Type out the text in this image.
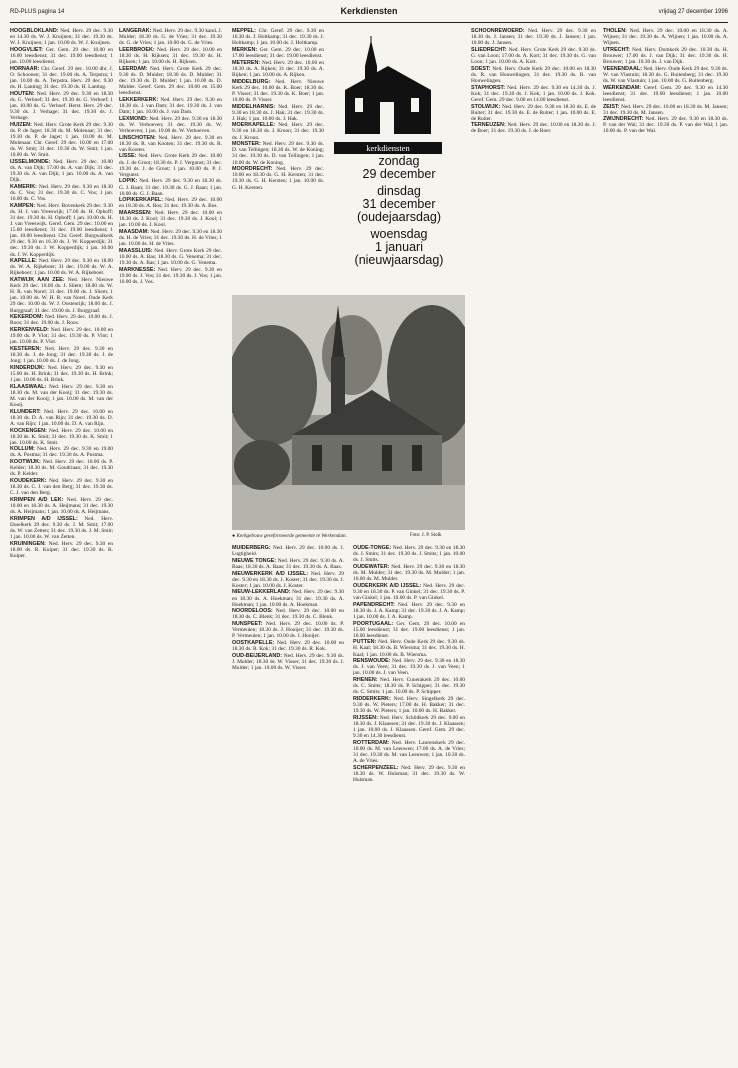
RD-PLUS pagina 14	Kerkdiensten	vrijdag 27 december 1996

HOOGBLOKLAND: Ned. Herv. 29 dec. 9.30 en 14.30 ds. W. J. Kruijnen; 31 dec. 19.30 ds. W. J. Kruijnen; 1 jan. 10.00 ds. W. J. Kruijnen.

HOOGVLIET: Ger. Gem. 29 dec. 10.00 en 16.00 leesdienst; 31 dec. 19.00 leesdienst; 1 jan. 10.00 leesdienst.

HORNAAR: Chr. Geref. 29 dec. 10.00 dhr. J. O. Schoonen; 31 dec. 19.00 ds. A. Terpstra; 1 jan. 10.00 ds. A. Terpstra. Herv. 29 dec. 9.30 ds. H. Lanting; 31 dec. 19.30 ds. H. Lanting.

HOUTEN: Ned. Herv. 29 dec. 9.30 en 18.30 ds. G. Verhoef; 31 dec. 19.30 ds. G. Verhoef; 1 jan. 10.00 ds. G. Verhoef. Herst. Herv. 29 dec. 9.30 ds. J. Verhage; 31 dec. 19.30 ds. J. Verhage.

HUIZEN: Ned. Herv. Grote Kerk 29 dec. 9.30 ds. P. de Jager; 18.30 ds. M. Molenaar; 31 dec. 19.30 ds. P. de Jager; 1 jan. 10.00 ds. M. Molenaar. Chr. Geref. 29 dec. 10.00 en 17.00 ds. W. Smit; 31 dec. 19.30 ds. W. Smit; 1 jan. 10.00 ds. W. Smit.

IJSSELMONDE: Ned. Herv. 29 dec. 10.00 ds. A. van Dijk; 17.00 ds. A. van Dijk; 31 dec. 19.30 ds. A. van Dijk; 1 jan. 10.00 ds. A. van Dijk.

KAMERIK: Ned. Herv. 29 dec. 9.30 en 18.30 ds. C. Vos; 31 dec. 19.30 ds. C. Vos; 1 jan. 10.00 ds. C. Vos.

KAMPEN: Ned. Herv. Bovenkerk 29 dec. 9.30 ds. H. J. van Vreeswijk; 17.00 ds. H. Ophoff; 31 dec. 19.30 ds. H. Ophoff; 1 jan. 10.00 ds. H. J. van Vreeswijk. Geref. Gem. 29 dec. 10.00 en 15.00 leesdienst; 31 dec. 19.00 leesdienst; 1 jan. 10.00 leesdienst. Chr. Geref. Burgwalkerk 29 dec. 9.30 en 16.30 ds. J. W. Kopperdijk; 31 dec. 19.30 ds. J. W. Kopperdijk; 1 jan. 10.00 ds. J. W. Kopperdijk.

KAPELLE: Ned. Herv. 29 dec. 9.30 en 18.00 ds. W. A. Rijkeboer; 31 dec. 19.00 ds. W. A. Rijkeboer; 1 jan. 10.00 ds. W. A. Rijkeboer.

KATWIJK AAN ZEE: Ned. Herv. Nieuwe Kerk 29 dec. 10.00 ds. J. Sliem; 18.00 ds. W. H. R. van Norel; 31 dec. 19.00 ds. J. Sliem; 1 jan. 10.00 ds. W. H. R. van Norel. Oude Kerk 29 dec. 10.00 ds. W. J. Oostenrijk; 18.00 ds. J. Burggraaf; 31 dec. 19.00 ds. J. Burggraaf.

KEKERDOM: Ned. Herv. 29 dec. 10.00 ds. J. Roos; 31 dec. 19.00 ds. J. Roos.

KERKENVELD: Ned. Herv. 29 dec. 10.00 en 19.00 ds. P. Vlot; 31 dec. 19.30 ds. P. Vlot; 1 jan. 10.00 ds. P. Vlot.

KESTEREN: Ned. Herv. 29 dec. 9.30 en 18.30 ds. J. de Jong; 31 dec. 19.30 ds. J. de Jong; 1 jan. 10.00 ds. J. de Jong.

KINDERDIJK: Ned. Herv. 29 dec. 9.30 en 15.00 ds. H. Brink; 31 dec. 19.30 ds. H. Brink; 1 jan. 10.00 ds. H. Brink.

KLAASWAAL: Ned. Herv. 29 dec. 9.30 en 18.30 ds. M. van der Kooij; 31 dec. 19.30 ds. M. van der Kooij; 1 jan. 10.00 ds. M. van der Kooij.

KLUNDERT: Ned. Herv. 29 dec. 10.00 en 18.30 ds. D. A. van Rijn; 31 dec. 19.30 ds. D. A. van Rijn; 1 jan. 10.00 ds. D. A. van Rijn.

KOCKENGEN: Ned. Herv. 29 dec. 10.00 en 18.30 ds. K. Smit; 31 dec. 19.30 ds. K. Smit; 1 jan. 10.00 ds. K. Smit.

KOLLUM: Ned. Herv. 29 dec. 9.30 en 19.00 ds. A. Postma; 31 dec. 19.30 ds. A. Postma.

KOOTWIJK: Ned. Herv. 29 dec. 10.00 ds. P. Kelder; 18.30 ds. M. Goudriaan; 31 dec. 19.30 ds. P. Kelder.

KOUDEKERK: Ned. Herv. 29 dec. 9.30 en 18.30 ds. C. J. van den Berg; 31 dec. 19.30 ds. C. J. van den Berg.

KRIMPEN A/D LEK: Ned. Herv. 29 dec. 10.00 en 18.30 ds. A. Heijmans; 31 dec. 19.30 ds. A. Heijmans; 1 jan. 10.00 ds. A. Heijmans.

KRIMPEN A/D IJSSEL: Ned. Herv. IJsselkerk 29 dec. 9.30 ds. J. M. Smit; 17.00 ds. W. van Zetten; 31 dec. 19.30 ds. J. M. Smit; 1 jan. 10.00 ds. W. van Zetten.

KRUININGEN: Ned. Herv. 29 dec. 9.30 en 18.00 ds. R. Kuiper; 31 dec. 19.30 ds. R. Kuiper.

LANGERAK: Ned. Herv. 29 dec. 9.30 kand. J. Mulder; 18.30 ds. G. de Vries; 31 dec. 19.30 ds. G. de Vries; 1 jan. 10.00 ds. G. de Vries.

LEERBROEK: Ned. Herv. 29 dec. 10.00 en 18.30 ds. H. Rijksen; 31 dec. 19.30 ds. H. Rijksen; 1 jan. 10.00 ds. H. Rijksen.

LEERDAM: Ned. Herv. Grote Kerk 29 dec. 9.30 ds. D. Mulder; 18.30 ds. D. Mulder; 31 dec. 19.30 ds. D. Mulder; 1 jan. 10.00 ds. D. Mulder. Geref. Gem. 29 dec. 10.00 en 15.00 leesdienst.

LEKKERKERK: Ned. Herv. 29 dec. 9.30 en 18.30 ds. J. van Dam; 31 dec. 19.30 ds. J. van Dam; 1 jan. 10.00 ds. J. van Dam.

LEXMOND: Ned. Herv. 29 dec. 9.30 en 18.30 ds. W. Verhoeven; 31 dec. 19.30 ds. W. Verhoeven; 1 jan. 10.00 ds. W. Verhoeven.

LINSCHOTEN: Ned. Herv. 29 dec. 9.30 en 18.30 ds. R. van Kooten; 31 dec. 19.30 ds. R. van Kooten.

LISSE: Ned. Herv. Grote Kerk 29 dec. 10.00 ds. J. de Groot; 18.30 ds. P. J. Vergunst; 31 dec. 19.30 ds. J. de Groot; 1 jan. 10.00 ds. P. J. Vergunst.

LOPIK: Ned. Herv. 29 dec. 9.30 en 18.30 ds. G. J. Baan; 31 dec. 19.30 ds. G. J. Baan; 1 jan. 10.00 ds. G. J. Baan.

LOPIKERKAPEL: Ned. Herv. 29 dec. 10.00 en 18.30 ds. A. Bos; 31 dec. 19.30 ds. A. Bos.

MAARSSEN: Ned. Herv. 29 dec. 10.00 en 18.30 ds. J. Kool; 31 dec. 19.30 ds. J. Kool; 1 jan. 10.00 ds. J. Kool.

MAASDAM: Ned. Herv. 29 dec. 9.30 en 18.30 ds. H. de Vries; 31 dec. 19.30 ds. H. de Vries; 1 jan. 10.00 ds. H. de Vries.

MAASSLUIS: Ned. Herv. Grote Kerk 29 dec. 10.00 ds. A. Bas; 18.30 ds. G. Venema; 31 dec. 19.30 ds. A. Bas; 1 jan. 10.00 ds. G. Venema.

MARKNESSE: Ned. Herv. 29 dec. 9.30 en 19.00 ds. J. Vos; 31 dec. 19.30 ds. J. Vos; 1 jan. 10.00 ds. J. Vos.

MEPPEL: Chr. Geref. 29 dec. 9.30 en 16.30 ds. J. Holtkamp; 31 dec. 19.30 ds. J. Holtkamp; 1 jan. 10.00 ds. J. Holtkamp.

MERKEN: Ger. Gem. 29 dec. 10.00 en 17.00 leesdienst; 31 dec. 19.00 leesdienst.

METEREN: Ned. Herv. 29 dec. 10.00 en 18.30 ds. A. Rijken; 31 dec. 19.30 ds. A. Rijken; 1 jan. 10.00 ds. A. Rijken.

MIDDELBURG: Ned. Herv. Nieuwe Kerk 29 dec. 10.00 ds. K. Boer; 18.30 ds. P. Visser; 31 dec. 19.30 ds. K. Boer; 1 jan. 10.00 ds. P. Visser.

MIDDELHARNIS: Ned. Herv. 29 dec. 9.30 en 18.30 ds. J. Hak; 31 dec. 19.30 ds. J. Hak; 1 jan. 10.00 ds. J. Hak.

MOERKAPELLE: Ned. Herv. 29 dec. 9.30 en 18.30 ds. J. Kroon; 31 dec. 19.30 ds. J. Kroon.

MONSTER: Ned. Herv. 29 dec. 9.30 ds. D. van Tellingen; 18.30 ds. W. de Koning; 31 dec. 19.30 ds. D. van Tellingen; 1 jan. 10.00 ds. W. de Koning.

MOORDRECHT: Ned. Herv. 29 dec. 10.00 en 18.30 ds. G. H. Kersten; 31 dec. 19.30 ds. G. H. Kersten; 1 jan. 10.00 ds. G. H. Kersten.

MUIDERBERG: Ned. Herv. 29 dec. 10.00 ds. J. Lugtigheid.

NIEUWE TONGE: Ned. Herv. 29 dec. 9.30 ds. A. Baas; 18.30 ds. A. Baas; 31 dec. 19.30 ds. A. Baas.

NIEUWERKERK A/D IJSSEL: Ned. Herv. 29 dec. 9.30 en 18.30 ds. J. Koster; 31 dec. 19.30 ds. J. Koster; 1 jan. 10.00 ds. J. Koster.

NIEUW-LEKKERLAND: Ned. Herv. 29 dec. 9.30 en 18.30 ds. A. Hoekman; 31 dec. 19.30 ds. A. Hoekman; 1 jan. 10.00 ds. A. Hoekman.

NOORDELOOS: Ned. Herv. 29 dec. 10.00 en 18.30 ds. C. Blenk; 31 dec. 19.30 ds. C. Blenk.

NUNSPEET: Ned. Herv. 29 dec. 10.00 ds. P. Vermeulen; 18.30 ds. J. Hooijer; 31 dec. 19.30 ds. P. Vermeulen; 1 jan. 10.00 ds. J. Hooijer.

OOSTKAPELLE: Ned. Herv. 29 dec. 10.00 en 18.30 ds. R. Kok; 31 dec. 19.30 ds. R. Kok.

OUD-BEIJERLAND: Ned. Herv. 29 dec. 9.30 ds. J. Mulder; 18.30 ds. W. Visser; 31 dec. 19.30 ds. J. Mulder; 1 jan. 10.00 ds. W. Visser.

OUDE-TONGE: Ned. Herv. 29 dec. 9.30 en 18.30 ds. J. Smits; 31 dec. 19.30 ds. J. Smits; 1 jan. 10.00 ds. J. Smits.

OUDEWATER: Ned. Herv. 29 dec. 9.30 en 18.30 ds. M. Mulder; 31 dec. 19.30 ds. M. Mulder; 1 jan. 10.00 ds. M. Mulder.

OUDERKERK A/D IJSSEL: Ned. Herv. 29 dec. 9.30 en 18.30 ds. P. van Ginkel; 31 dec. 19.30 ds. P. van Ginkel; 1 jan. 10.00 ds. P. van Ginkel.

PAPENDRECHT: Ned. Herv. 29 dec. 9.30 en 18.30 ds. J. A. Kamp; 31 dec. 19.30 ds. J. A. Kamp; 1 jan. 10.00 ds. J. A. Kamp.

POORTUGAAL: Ger. Gem. 29 dec. 10.00 en 15.00 leesdienst; 31 dec. 19.00 leesdienst; 1 jan. 10.00 leesdienst.

PUTTEN: Ned. Herv. Oude Kerk 29 dec. 9.30 ds. H. Kaal; 18.30 ds. B. Wiersma; 31 dec. 19.30 ds. H. Kaal; 1 jan. 10.00 ds. B. Wiersma.

RENSWOUDE: Ned. Herv. 29 dec. 9.30 en 18.30 ds. J. van Veen; 31 dec. 19.30 ds. J. van Veen; 1 jan. 10.00 ds. J. van Veen.

RHENEN: Ned. Herv. Cunerakerk 29 dec. 10.00 ds. C. Smits; 18.30 ds. P. Schipper; 31 dec. 19.30 ds. C. Smits; 1 jan. 10.00 ds. P. Schipper.

RIDDERKERK: Ned. Herv. Singelkerk 29 dec. 9.30 ds. W. Pieters; 17.00 ds. H. Bakker; 31 dec. 19.30 ds. W. Pieters; 1 jan. 10.00 ds. H. Bakker.

RIJSSEN: Ned. Herv. Schildkerk 29 dec. 9.00 en 18.30 ds. J. Klaassen; 31 dec. 19.30 ds. J. Klaassen; 1 jan. 10.00 ds. J. Klaassen. Geref. Gem. 29 dec. 9.30 en 14.30 leesdienst.

ROTTERDAM: Ned. Herv. Laurenskerk 29 dec. 10.00 ds. M. van Leeuwen; 17.00 ds. A. de Vries; 31 dec. 19.30 ds. M. van Leeuwen; 1 jan. 10.30 ds. A. de Vries.

SCHERPENZEEL: Ned. Herv. 29 dec. 9.30 en 18.30 ds. W. Hulsman; 31 dec. 19.30 ds. W. Hulsman.

SCHOONREWOERD: Ned. Herv. 29 dec. 9.30 en 18.30 ds. J. Jansen; 31 dec. 19.30 ds. J. Jansen; 1 jan. 10.00 ds. J. Jansen.

SLIEDRECHT: Ned. Herv. Grote Kerk 29 dec. 9.30 ds. G. van Loon; 17.00 ds. A. Kort; 31 dec. 19.30 ds. G. van Loon; 1 jan. 10.00 ds. A. Kort.

SOEST: Ned. Herv. Oude Kerk 29 dec. 10.00 en 18.30 ds. R. van Houwelingen; 31 dec. 19.30 ds. R. van Houwelingen.

STAPHORST: Ned. Herv. 29 dec. 9.30 en 14.30 ds. J. Kok; 31 dec. 19.30 ds. J. Kok; 1 jan. 10.00 ds. J. Kok. Geref. Gem. 29 dec. 9.00 en 14.00 leesdienst.

STOLWIJK: Ned. Herv. 29 dec. 9.30 en 18.30 ds. E. de Ruiter; 31 dec. 19.30 ds. E. de Ruiter; 1 jan. 10.00 ds. E. de Ruiter.

TERNEUZEN: Ned. Herv. 29 dec. 10.00 en 18.30 ds. J. de Boer; 31 dec. 19.30 ds. J. de Boer.

THOLEN: Ned. Herv. 29 dec. 10.00 en 18.30 ds. A. Wijnen; 31 dec. 19.30 ds. A. Wijnen; 1 jan. 10.00 ds. A. Wijnen.

UTRECHT: Ned. Herv. Domkerk 29 dec. 10.30 ds. H. Brouwer; 17.00 ds. J. van Dijk; 31 dec. 19.30 ds. H. Brouwer; 1 jan. 10.30 ds. J. van Dijk.

VEENENDAAL: Ned. Herv. Oude Kerk 29 dec. 9.30 ds. W. van Vlastuin; 18.30 ds. G. Ruitenberg; 31 dec. 19.30 ds. W. van Vlastuin; 1 jan. 10.00 ds. G. Ruitenberg.

WERKENDAM: Geref. Gem. 29 dec. 9.30 en 14.30 leesdienst; 31 dec. 19.00 leesdienst; 1 jan. 10.00 leesdienst.

ZEIST: Ned. Herv. 29 dec. 10.00 en 18.30 ds. M. Jansen; 31 dec. 19.30 ds. M. Jansen.

ZWIJNDRECHT: Ned. Herv. 29 dec. 9.30 en 18.30 ds. P. van der Wal; 31 dec. 19.30 ds. P. van der Wal; 1 jan. 10.00 ds. P. van der Wal.

kerkdiensten
zondag
29 december
dinsdag
31 december
(oudejaarsdag)
woensdag
1 januari
(nieuwjaarsdag)
● Kerkgebouw gereformeerde gemeente te Werkendam.	Foto: J. P. Stolk
